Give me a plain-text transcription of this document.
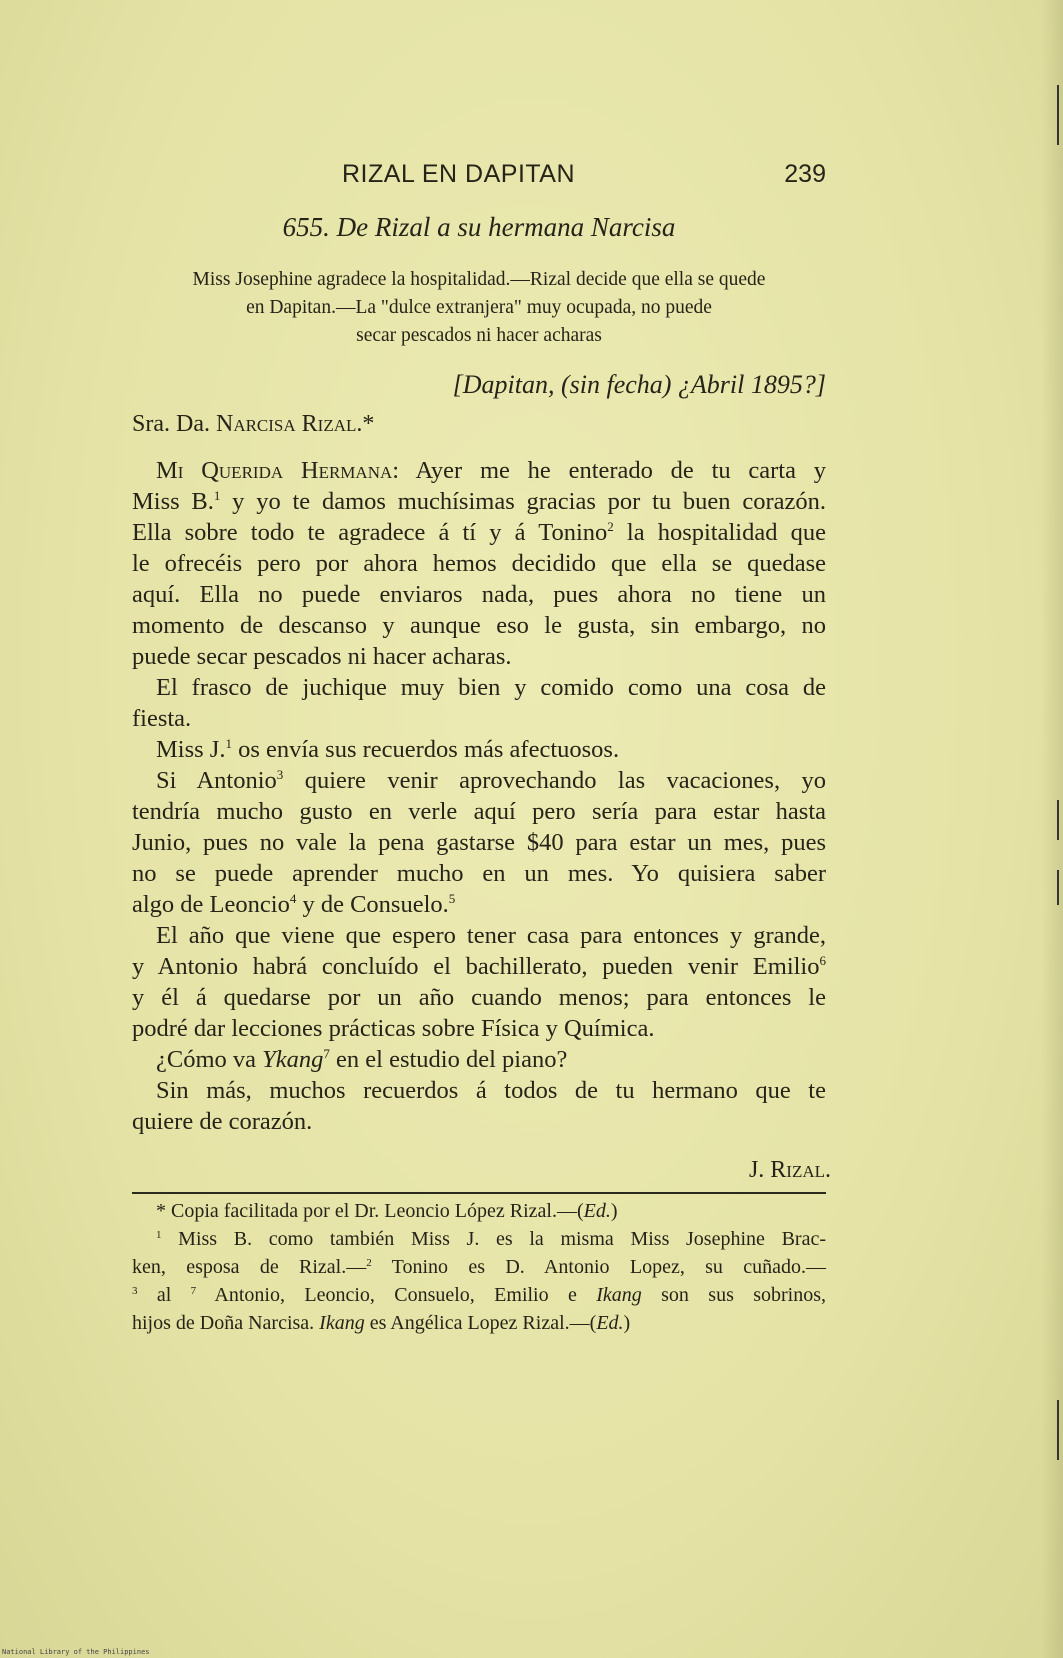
RIZAL EN DAPITAN	239
655. De Rizal a su hermana Narcisa
Miss Josephine agradece la hospitalidad.—Rizal decide que ella se quede
en Dapitan.—La "dulce extranjera" muy ocupada, no puede
secar pescados ni hacer acharas
[Dapitan, (sin fecha) ¿Abril 1895?]
Sra. Da. Narcisa Rizal.*
Mi Querida Hermana: Ayer me he enterado de tu carta y
Miss B.$^1$ y yo te damos muchísimas gracias por tu buen corazón.
Ella sobre todo te agradece á tí y á Tonino$^2$ la hospitalidad que
le ofrecéis pero por ahora hemos decidido que ella se quedase
aquí. Ella no puede enviaros nada, pues ahora no tiene un
momento de descanso y aunque eso le gusta, sin embargo, no
puede secar pescados ni hacer acharas.
El frasco de juchique muy bien y comido como una cosa de
fiesta.
Miss J.$^1$ os envía sus recuerdos más afectuosos.
Si Antonio$^3$ quiere venir aprovechando las vacaciones, yo
tendría mucho gusto en verle aquí pero sería para estar hasta
Junio, pues no vale la pena gastarse $40 para estar un mes, pues
no se puede aprender mucho en un mes. Yo quisiera saber
algo de Leoncio$^4$ y de Consuelo.$^5$
El año que viene que espero tener casa para entonces y grande,
y Antonio habrá concluído el bachillerato, pueden venir Emilio$^6$
y él á quedarse por un año cuando menos; para entonces le
podré dar lecciones prácticas sobre Física y Química.
¿Cómo va Ykang$^7$ en el estudio del piano?
Sin más, muchos recuerdos á todos de tu hermano que te
quiere de corazón.
J. Rizal.
* Copia facilitada por el Dr. Leoncio López Rizal.—(Ed.)
$^1$ Miss B. como también Miss J. es la misma Miss Josephine Brac-
ken, esposa de Rizal.—$^2$ Tonino es D. Antonio Lopez, su cuñado.—
$^3$ al $^7$ Antonio, Leoncio, Consuelo, Emilio e Ikang son sus sobrinos,
hijos de Doña Narcisa. Ikang es Angélica Lopez Rizal.—(Ed.)
National Library of the Philippines
